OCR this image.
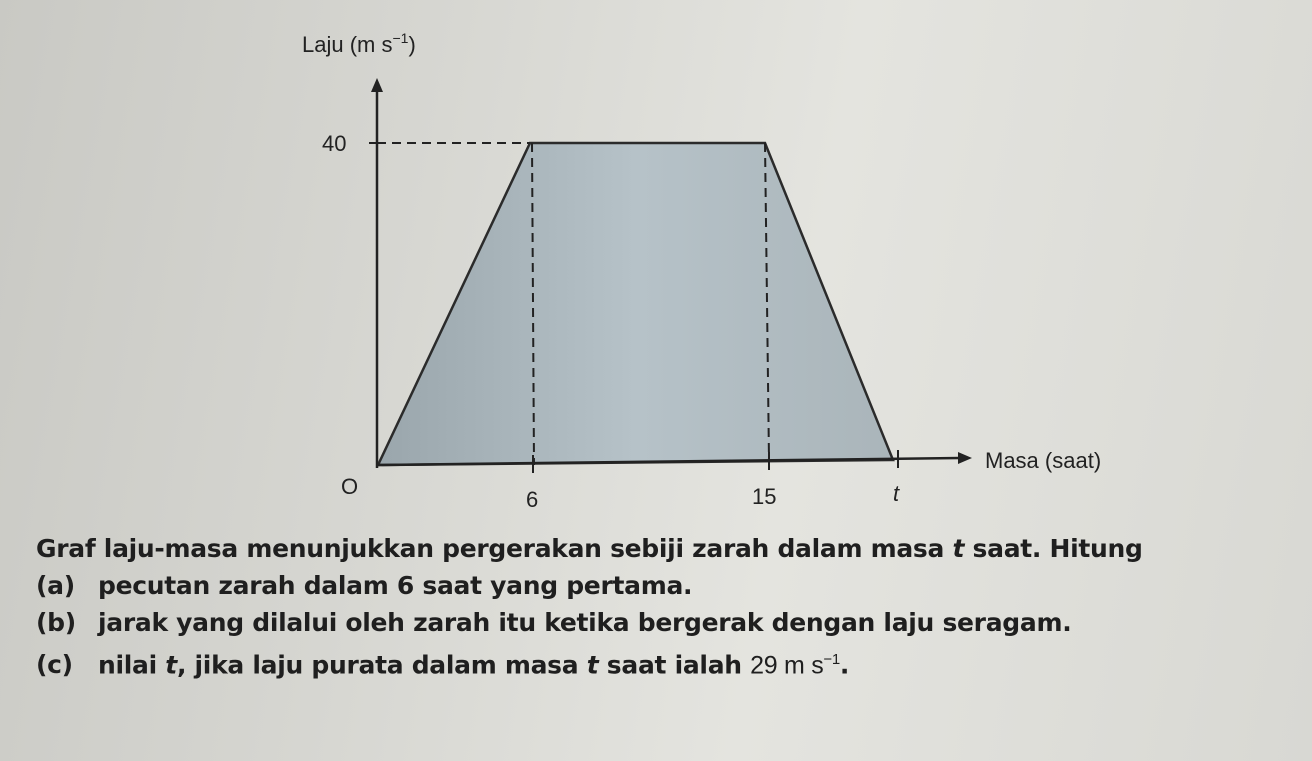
Laju (m $s^{-1}$)
40
O
6	15	t
Masa (saat)
Graf laju-masa menunjukkan pergerakan sebiji zarah dalam masa t saat. Hitung
(a) pecutan zarah dalam 6 saat yang pertama.
(b) jarak yang dilalui oleh zarah itu ketika bergerak dengan laju seragam.
(c) nilai t, jika laju purata dalam masa t saat ialah 29 m $s^{-1}$.
